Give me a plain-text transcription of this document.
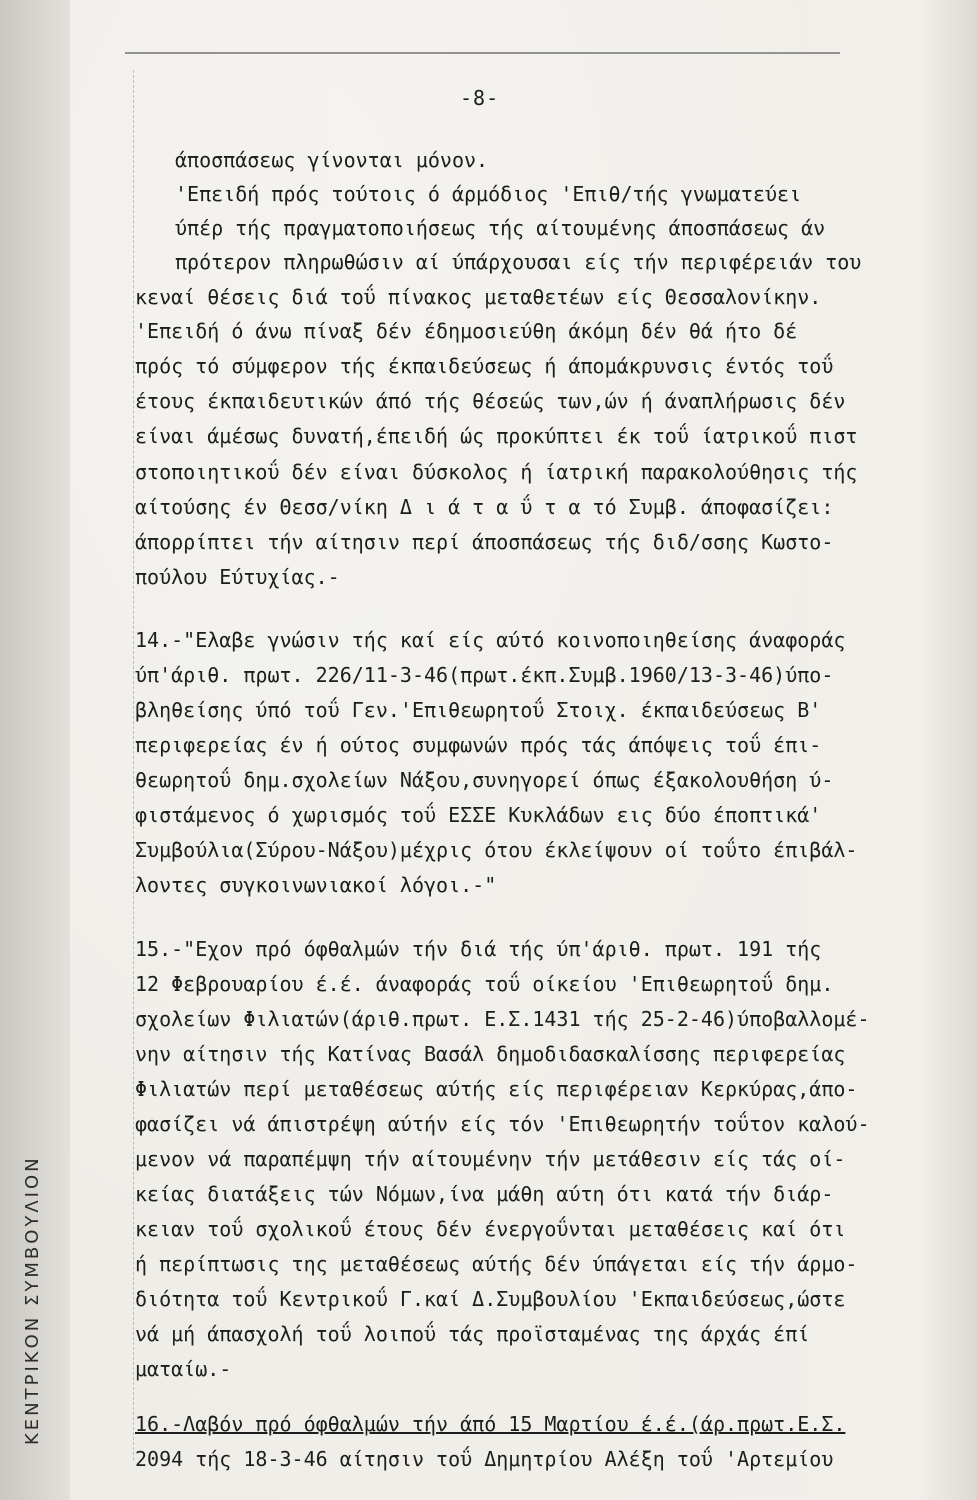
ΚΕΝΤΡΙΚΟΝ ΣΥΜΒΟΥΛΙΟΝ
-8-
άποσπάσεως γίνονται μόνον.
'Επειδή πρός τούτοις ό άρμόδιος 'Επιθ/τής γνωματεύει
ύπέρ τής πραγματοποιήσεως τής αίτουμένης άποσπάσεως άν
πρότερον πληρωθώσιν αί ύπάρχουσαι είς τήν περιφέρειάν του
κεναί θέσεις διά τοΰ πίνακος μεταθετέων είς Θεσσαλονίκην.
'Επειδή ό άνω πίναξ δέν έδημοσιεύθη άκόμη δέν θά ήτο δέ
πρός τό σύμφερον τής έκπαιδεύσεως ή άπομάκρυνσις έντός τοΰ
έτους έκπαιδευτικών άπό τής θέσεώς των,ών ή άναπλήρωσις δέν
είναι άμέσως δυνατή,έπειδή ώς προκύπτει έκ τοΰ ίατρικοΰ πιστ
στοποιητικοΰ δέν είναι δύσκολος ή ίατρική παρακολούθησις τής
αίτούσης έν Θεσσ/νίκη Δ ι ά τ α ΰ τ α τό Συμβ. άποφασίζει:
άπορρίπτει τήν αίτησιν περί άποσπάσεως τής διδ/σσης Κωστο-
πούλου Εύτυχίας.-
14.-"Ελαβε γνώσιν τής καί είς αύτό κοινοποιηθείσης άναφοράς
ύπ'άριθ. πρωτ. 226/11-3-46(πρωτ.έκπ.Συμβ.1960/13-3-46)ύπο-
βληθείσης ύπό τοΰ Γεν.'Επιθεωρητοΰ Στοιχ. έκπαιδεύσεως Β'
περιφερείας έν ή ούτος συμφωνών πρός τάς άπόψεις τοΰ έπι-
θεωρητοΰ δημ.σχολείων Νάξου,συνηγορεί όπως έξακολουθήση ύ-
φιστάμενος ό χωρισμός τοΰ ΕΣΣΕ Κυκλάδων εις δύο έποπτικά'
Συμβούλια(Σύρου-Νάξου)μέχρις ότου έκλείψουν οί τοΰτο έπιβάλ-
λοντες συγκοινωνιακοί λόγοι.-"
15.-"Εχον πρό όφθαλμών τήν διά τής ύπ'άριθ. πρωτ. 191 τής
12 Φεβρουαρίου έ.έ. άναφοράς τοΰ οίκείου 'Επιθεωρητοΰ δημ.
σχολείων Φιλιατών(άριθ.πρωτ. Ε.Σ.1431 τής 25-2-46)ύποβαλλομέ-
νην αίτησιν τής Κατίνας Βασάλ δημοδιδασκαλίσσης περιφερείας
Φιλιατών περί μεταθέσεως αύτής είς περιφέρειαν Κερκύρας,άπο-
φασίζει νά άπιστρέψη αύτήν είς τόν 'Επιθεωρητήν τοΰτον καλού-
μενον νά παραπέμψη τήν αίτουμένην τήν μετάθεσιν είς τάς οί-
κείας διατάξεις τών Νόμων,ίνα μάθη αύτη ότι κατά τήν διάρ-
κειαν τοΰ σχολικοΰ έτους δέν ένεργοΰνται μεταθέσεις καί ότι
ή περίπτωσις της μεταθέσεως αύτής δέν ύπάγεται είς τήν άρμο-
διότητα τοΰ Κεντρικοΰ Γ.καί Δ.Συμβουλίου 'Εκπαιδεύσεως,ώστε
νά μή άπασχολή τοΰ λοιποΰ τάς προϊσταμένας της άρχάς έπί
ματαίω.-
16.-Λαβόν πρό όφθαλμών τήν άπό 15 Μαρτίου έ.έ.(άρ.πρωτ.Ε.Σ.
2094 τής 18-3-46 αίτησιν τοΰ Δημητρίου Αλέξη τοΰ 'Αρτεμίου
